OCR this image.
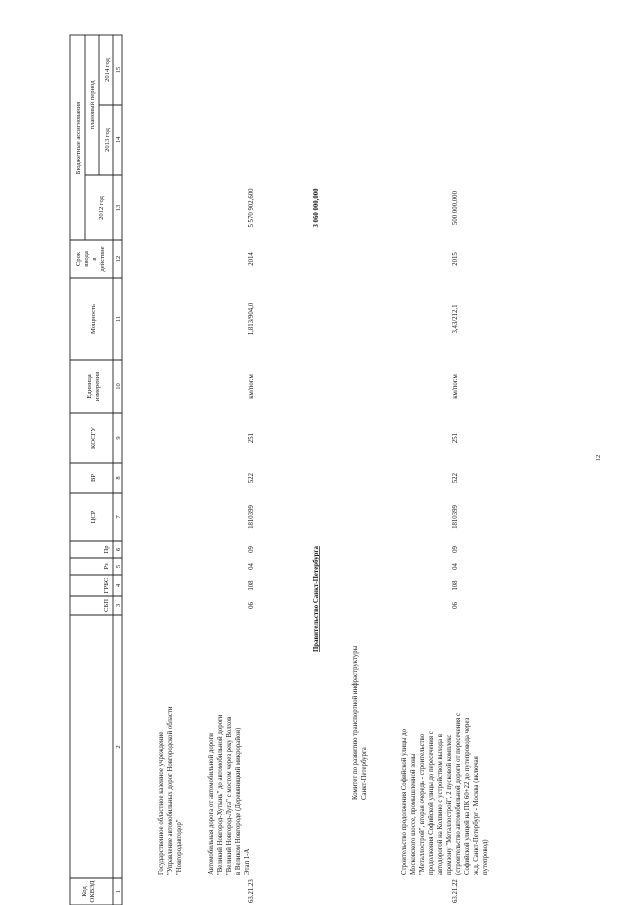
Код ОКВЭД
СБП
ГРБС
Рз
Пр
ЦСР
ВР
КОСГУ
Единица измерения
Мощность
Срок ввода в действие
Бюджетные ассигнования
2012 год
плановый период
2013 год
2014 год
1
2
3
4
5
6
7
8
9
10
11
12
13
14
15
Государственное областное казенное учреждение "Управление автомобильных дорог Новгородской области "Новгородавтодор"
63.21.23
Автомобильная дорога от автомобильной дороги "Великий Новгород-Хутынь" до автомобильной дороги "Великий Новгород-Луга" с мостом через реку Волхов в Великом Новгороде (Деревяницкий микрорайон) Этап 1-А
06
108
04
09
1810399
522
251
км/пог.м
1,813/904,0
2014
5 570 902,600
Правительство Санкт-Петербурга
3 060 000,000
Комитет по развитию транспортной инфраструктуры Санкт-Петербурга
63.21.22
Строительство продолжения Софийской улицы до Московского шоссе, промышленной зоны "Металлострой", вторая очередь - строительство продолжения Софийской улицы до пересечения с автодорогой на Колпино с устройством выхода в промзону "Металлострой", 2 пусковой комплекс (строительство автомобильной дороги от пересечения с Софийской улицей на ПК 60+22 до путепровода через ж.д. Санкт-Петербург - Москва (включая путепровод)
06
108
04
09
1810399
522
251
км/пог.м
3,43/212,1
2015
500 000,000
12
